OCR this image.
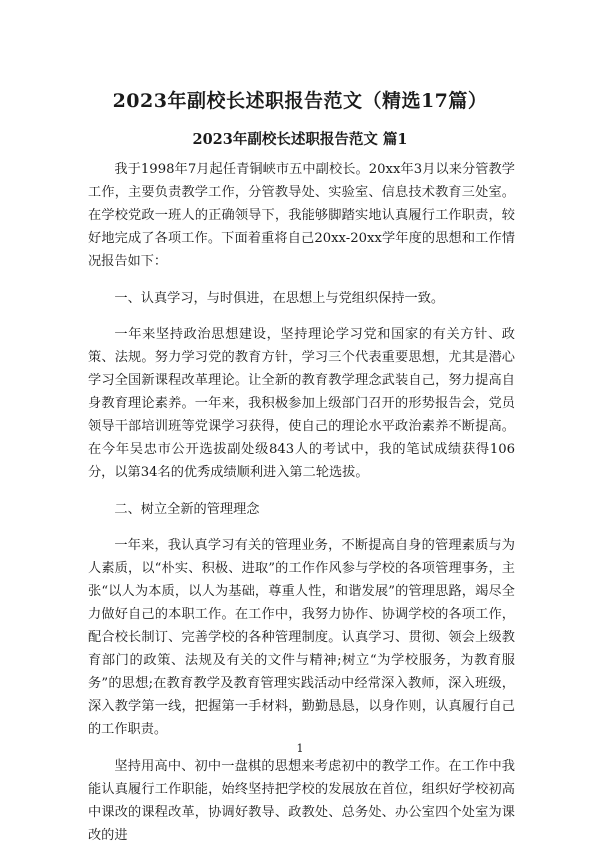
2023年副校长述职报告范文（精选17篇）
2023年副校长述职报告范文 篇1

我于1998年7月起任青铜峡市五中副校长。20xx年3月以来分管教学工作，主要负责教学工作，分管教导处、实验室、信息技术教育三处室。在学校党政一班人的正确领导下，我能够脚踏实地认真履行工作职责，较好地完成了各项工作。下面着重将自己20xx-20xx学年度的思想和工作情况报告如下：

一、认真学习，与时俱进，在思想上与党组织保持一致。

一年来坚持政治思想建设，坚持理论学习党和国家的有关方针、政策、法规。努力学习党的教育方针，学习三个代表重要思想，尤其是潜心学习全国新课程改革理论。让全新的教育教学理念武装自己，努力提高自身教育理论素养。一年来，我积极参加上级部门召开的形势报告会，党员领导干部培训班等党课学习获得，使自己的理论水平政治素养不断提高。在今年吴忠市公开选拔副处级843人的考试中，我的笔试成绩获得106分，以第34名的优秀成绩顺利进入第二轮选拔。

二、树立全新的管理理念

一年来，我认真学习有关的管理业务，不断提高自身的管理素质与为人素质，以“朴实、积极、进取”的工作作风参与学校的各项管理事务，主张“以人为本质，以人为基础，尊重人性，和谐发展”的管理思路，竭尽全力做好自己的本职工作。在工作中，我努力协作、协调学校的各项工作，配合校长制订、完善学校的各种管理制度。认真学习、贯彻、领会上级教育部门的政策、法规及有关的文件与精神;树立“为学校服务，为教育服务”的思想;在教育教学及教育管理实践活动中经常深入教师，深入班级，深入教学第一线，把握第一手材料，勤勤恳恳，以身作则，认真履行自己的工作职责。

坚持用高中、初中一盘棋的思想来考虑初中的教学工作。在工作中我能认真履行工作职能，始终坚持把学校的发展放在首位，组织好学校初高中课改的课程改革，协调好教导、政教处、总务处、办公室四个处室为课改的进

1
